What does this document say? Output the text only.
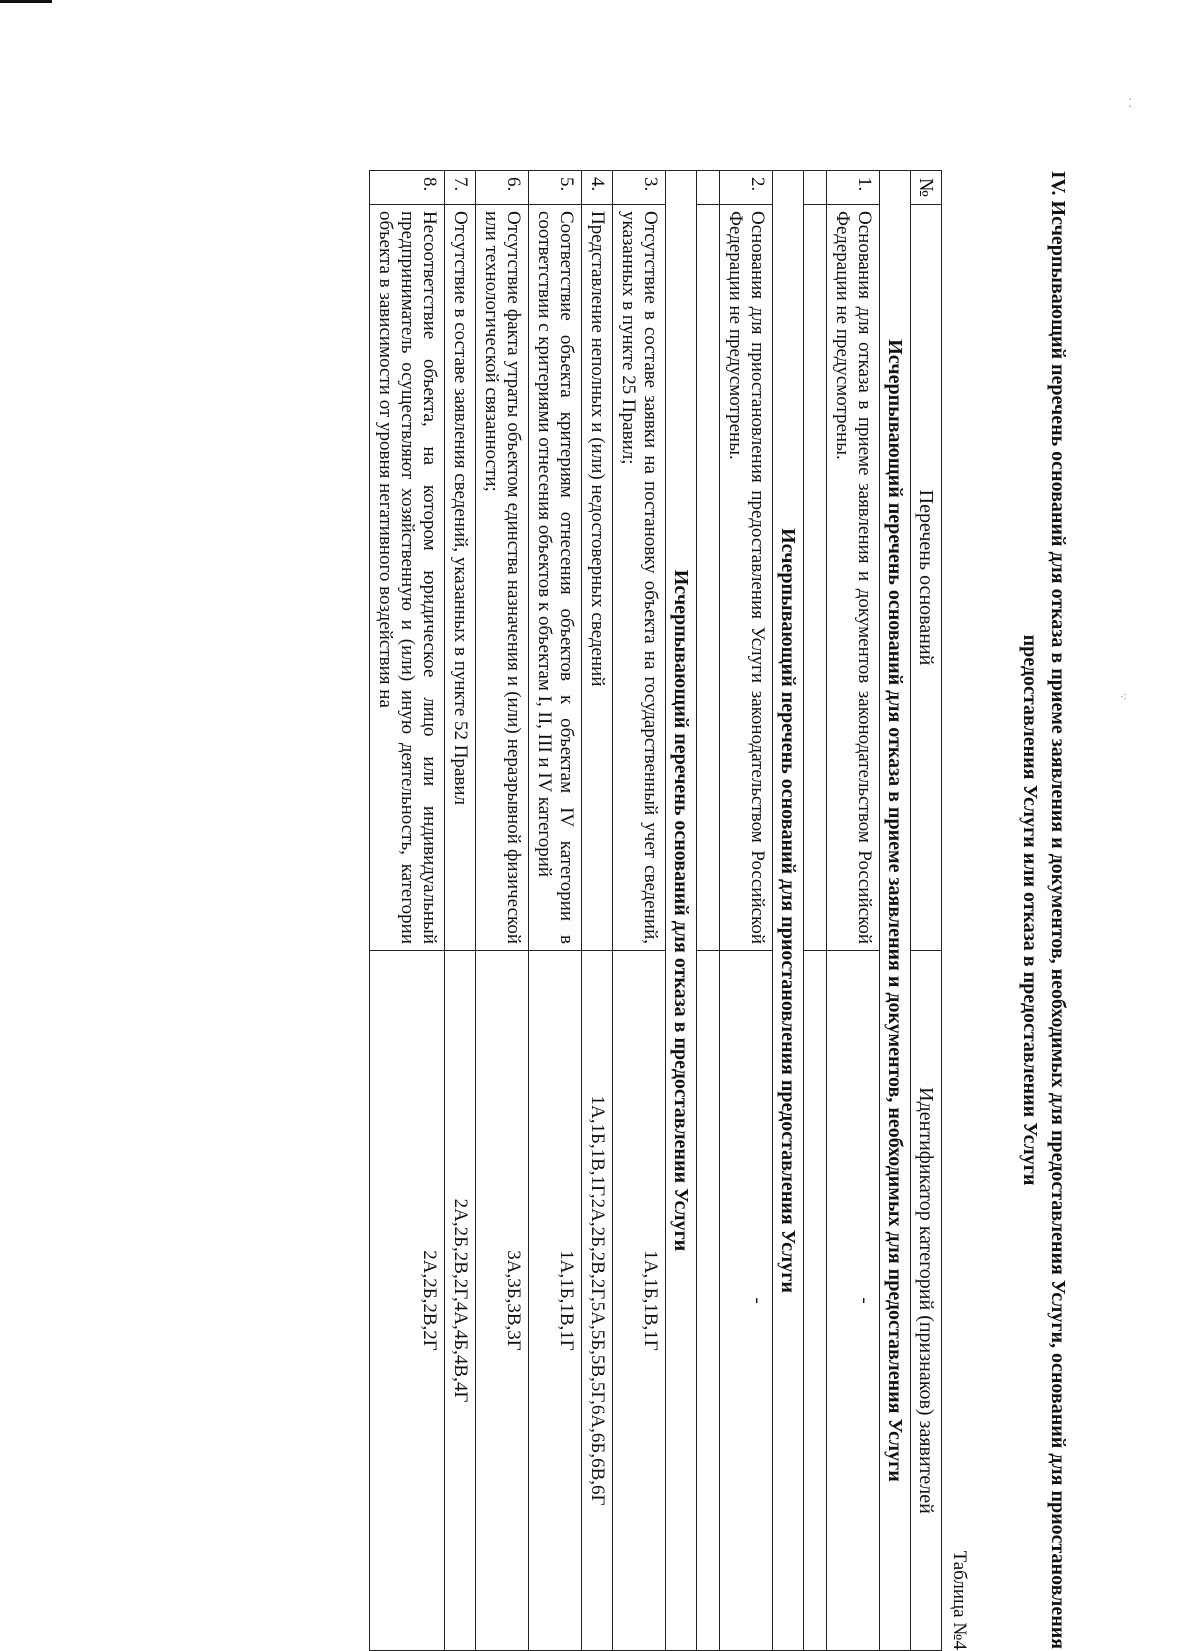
⁚
⁖
IV. Исчерпывающий перечень оснований для отказа в приеме заявления и документов, необходимых для предоставления Услуги, оснований для приостановления предоставления Услуги или отказа в предоставлении Услуги
Таблица №4
№	Перечень оснований	Идентификатор категорий (признаков) заявителей
Исчерпывающий перечень оснований для отказа в приеме заявления и документов, необходимых для предоставления Услуги		
1.	Основания для отказа в приеме заявления и документов законодательством Российской Федерации не предусмотрены.	-

Исчерпывающий перечень оснований для приостановления предоставления Услуги		
2.	Основания для приостановления предоставления Услуги законодательством Российской Федерации не предусмотрены.	-

Исчерпывающий перечень оснований для отказа в предоставлении Услуги		
3.	Отсутствие в составе заявки на постановку объекта на государственный учет сведений, указанных в пункте 25 Правил;	1А,1Б,1В,1Г
4.	Представление неполных и (или) недостоверных сведений	1А,1Б,1В,1Г,2А,2Б,2В,2Г,5А,5Б,5В,5Г,6А,6Б,6В,6Г
5.	Соответствие объекта критериям отнесения объектов к объектам IV категории в соответствии с критериями отнесения объектов к объектам I, II, III и IV категорий	1А,1Б,1В,1Г
6.	Отсутствие факта утраты объектом единства назначения и (или) неразрывной физической или технологической связанности;	3А,3Б,3В,3Г
7.	Отсутствие в составе заявления сведений, указанных в пункте 52 Правил	2А,2Б,2В,2Г,4А,4Б,4В,4Г
8.	Несоответствие объекта, на котором юридическое лицо или индивидуальный предприниматель осуществляют хозяйственную и (или) иную деятельность, категории объекта в зависимости от уровня негативного воздействия на	2А,2Б,2В,2Г
